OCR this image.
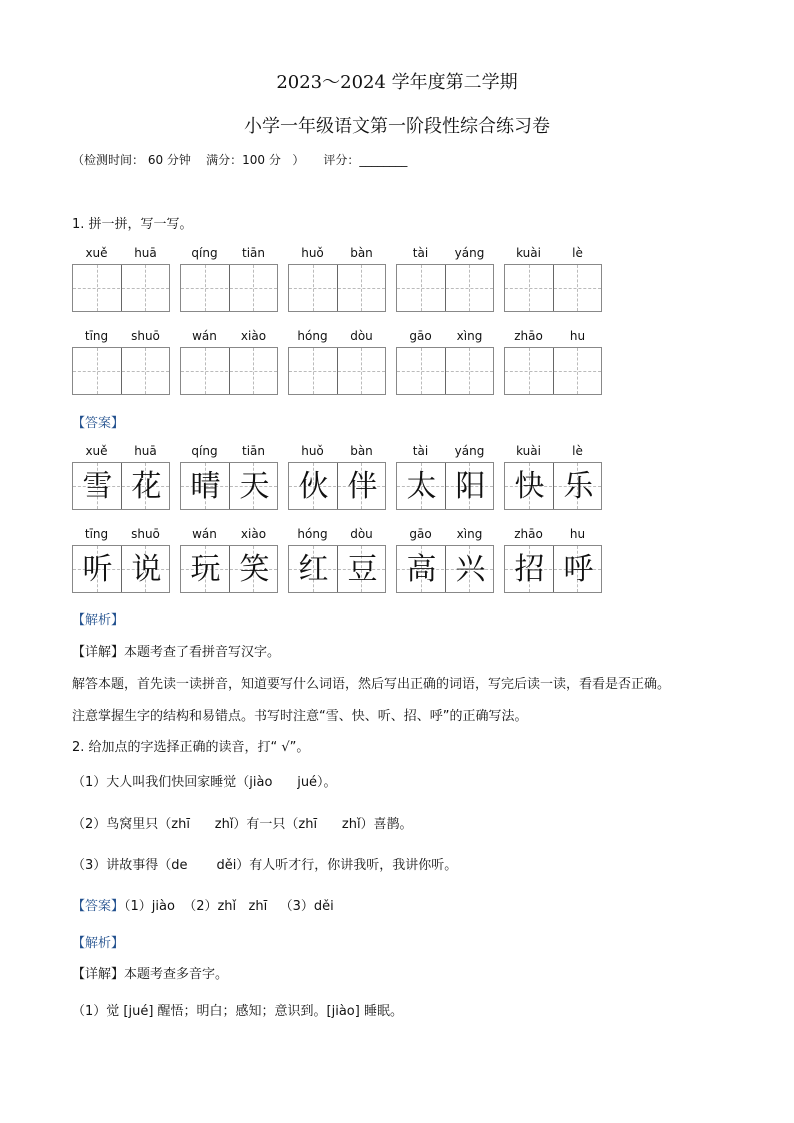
2023～2024 学年度第二学期
小学一年级语文第一阶段性综合练习卷
（检测时间： 60 分钟    满分：100 分   ）     评分：________
1. 拼一拼，写一写。
xuě	huā	qíng	tiān	huǒ	bàn	tài	yáng	kuài	lè
tīng	shuō	wán	xiào	hóng	dòu	gāo	xìng	zhāo	hu
【答案】
xuě	huā
雪 花
qíng	tiān
晴 天
huǒ	bàn
伙 伴
tài	yáng
太 阳
kuài	lè
快 乐
tīng	shuō
听 说
wán	xiào
玩 笑
hóng	dòu
红 豆
gāo	xìng
高 兴
zhāo	hu
招 呼
【解析】
【详解】本题考查了看拼音写汉字。
解答本题，首先读一读拼音，知道要写什么词语，然后写出正确的词语，写完后读一读，看看是否正确。
注意掌握生字的结构和易错点。书写时注意“雪、快、听、招、呼”的正确写法。
2. 给加点的字选择正确的读音，打“ √”。
（1）大人叫我们快回家睡觉（jiào      jué）。
（2）鸟窝里只（zhī      zhǐ）有一只（zhī      zhǐ）喜鹊。
（3）讲故事得（de       děi）有人听才行，你讲我听，我讲你听。
【答案】（1）jiào  （2）zhǐ   zhī   （3）děi
【解析】
【详解】本题考查多音字。
（1）觉 [jué] 醒悟；明白；感知；意识到。[jiào] 睡眠。
